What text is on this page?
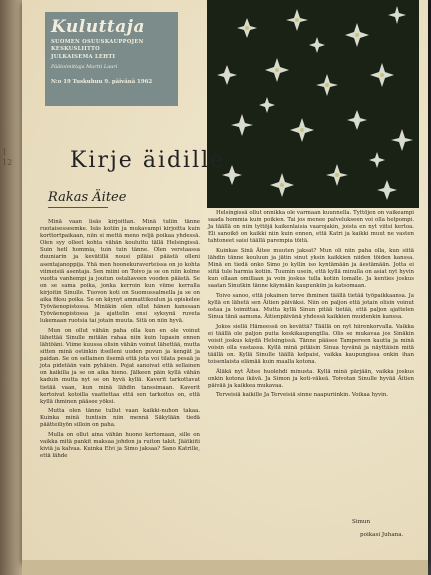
1
12
Kuluttaja
SUOMEN OSUUSKAUPPOJEN KESKUSLIITTO
JULKAISEMA LEHTI
Päätoimittaja Martti Lauri
N:o 19 Tuskuhuu 9. päivänä 1962
Kirje äidille
Rakas Äitee

Minä vaan lisäs kirjoittan. Minä tuliin tänne ruotaisesseemke. Isäs kotiin ja mukavampi kirjoitta kuin korttortpaikaan, niin si mettä meno reljä poikaa yhdessä. Olen syy olleet kohta vähän kouluttu tällä Helsingissä. Suin hetl hommia, tuin tuin tänne. Olen verstaassa duuniarin ja kevätillä nousi piläisi päästä olleni asentajanoppija. Yhä men hoonekuraverteissa on jo kohta viimeisiä asentaja. Sen miini on Toivo ja se on niin kolme vuotta vanhempi ja joutun ostaliaveen vooden päästä. Se on se sama poika, jonka kerroin kun viime kerralla kirjoitin Sinulle. Tuovon koti on Suomussalmella ja se on aika fiksu poika. Se on käynyt ammattikoulun ja opiskelee Työväenopistossa. Minäkin olen ollut hänen kanssaan Työväenopistossa ja ajattelin ensi syksynä ruveta lukemaan ruotsia tai jotain muuta. Sitä on niin hyvä.

Mun on ollut vähän paha olla kun en ole voinut lähettää Sinulle mitään rahaa niin kuin lupasin ennen lähtöäni. Viime kuussa olisin vähän voinut lähettää, mutta sitten minä ostinkin itselleni uuden puvun ja kengät ja paidan. Se on sellainen ilsemä että jota voi tilata pesaä ja jota pidetään vain pyhäisin. Pojat sanoivat että sellainen on kaikilla ja se on aika hieno. Jälkeen päin kyllä vähän kaduin mutta nyt se on hyvä kyllä. Kaverit tarkottavat tietää vaan, kun minä lähdin tanssimaan. Kaverit kertoivat kotoilla vaattettaa että sen tarkoitus on, että kyllä ihminen pääsee yöksi.

Mutta olen tänne tullut vaan kaikki-nuhon takaa. Kuinka minä tuntisin niin mennä Säkylään tiedä päätteiliyön silloin on paha.

Mulla on ollut aina vähän huono kertomaan, sille on vaikka mitä pankit maksaa johdon ja ruiton takit. Jäätkiiti kiviä ja kalvaa. Kuinka Elvi ja Simo jaksaa? Sano Katrille, että lähde

Helsingissä ollut onnikka ole varmaan kuunnella. Tyttöjen on vaikeampi saada hommia kuin poikien. Tai jos menee palvelukseen voi olla helpompi. Ja täällä on niin tyttöjä kaikenlaisia vaarojakin, joista en nyt viitsi kertoa. Eli sanoikö on kaikki niin kuin ennen, että Katri ja kaikki muut ne vasten tahtoneet saisi täällä parempia töitä.

Kuinkas Sinä Äitee muuten jaksat? Mun oli niin paha olla, kun siitä lähdin tänne kouluun ja jätin sinut yksin kaikkien niiden töiden kanssa. Minä en tiedä onko Simo jo kyllin iso kyntämään ja äestämään. Jotta ei siitä tule harmia kotiin. Tuumin usein, että kyllä minulla on asiat nyt hyvin kun ollaan omillaan ja voin joskus tulla kotiin lomalle. Ja kenties joskus saatan Sinutkin tänne käymään kaupunkiin ja katsomaan.

Toivo sanoo, että jokainen terve ihminen täällä tietää työpaikkaansa. Ja kyllä en lähetä sen Äitien päiväksi. Niin on paljon että jotain olisin voinut ostaa ja toimittaa. Mutta kyllä Sinun pitää tietää, että paljon ajattelen Sinua tänä aamuna. Äitienpäivänä yhdessä kaikkien muidenkin kanssa.

Jokos siellä Hämeessä on kevättä? Täällä on nyt hiirenkorvalla. Vaikka ei täällä ole paljon puita keskikaupungilla. Olis se mukavaa jos Sinäkin voisit joskus käydä Helsingissä. Tänne pääsee Tampereen kautta ja minä voisin olla vastassa. Kyllä minä pitäisin Sinua hyvänä ja näyttäisin mitä täällä on. Kyllä Sinulle täällä kelpaisi, vaikka kaupungissa onkin ihan toisenlaista elämää kuin maalla kotona.

Äläkä nyt Äitee huolehdi minusta. Kyllä minä pärjään, vaikka joskus onkin kotona ikävä. Ja Simon ja koti-väkeä. Toivotan Sinulle hyvää Äitien päivää ja kaikkea mukavaa.

Terveisiä kaikille Ja Terveisiä sinne naapuriinkin. Voikaa hyvin.

Simun
poikasi Juhana.
